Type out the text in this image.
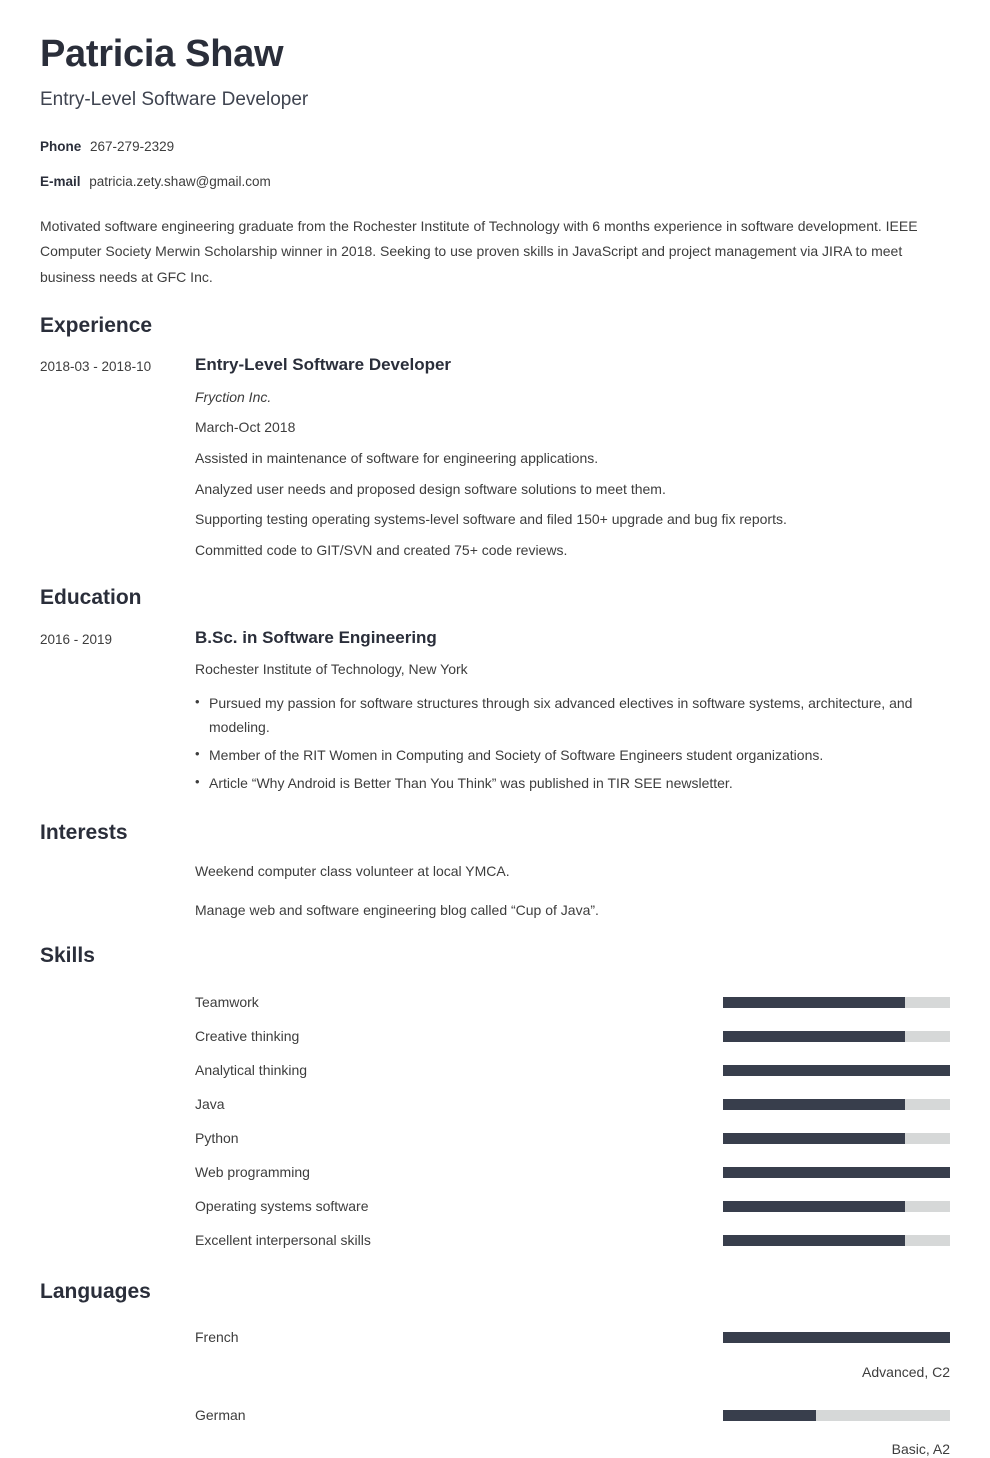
Patricia Shaw
Entry-Level Software Developer
Phone 267-279-2329
E-mail patricia.zety.shaw@gmail.com
Motivated software engineering graduate from the Rochester Institute of Technology with 6 months experience in software development. IEEE Computer Society Merwin Scholarship winner in 2018. Seeking to use proven skills in JavaScript and project management via JIRA to meet business needs at GFC Inc.
Experience
2018-03 - 2018-10	Entry-Level Software Developer
Fryction Inc.
March-Oct 2018
Assisted in maintenance of software for engineering applications.
Analyzed user needs and proposed design software solutions to meet them.
Supporting testing operating systems-level software and filed 150+ upgrade and bug fix reports.
Committed code to GIT/SVN and created 75+ code reviews.
Education
2016 - 2019	B.Sc. in Software Engineering
Rochester Institute of Technology, New York
• Pursued my passion for software structures through six advanced electives in software systems, architecture, and modeling.
• Member of the RIT Women in Computing and Society of Software Engineers student organizations.
• Article “Why Android is Better Than You Think” was published in TIR SEE newsletter.
Interests
Weekend computer class volunteer at local YMCA.
Manage web and software engineering blog called “Cup of Java”.
Skills
Teamwork
Creative thinking
Analytical thinking
Java
Python
Web programming
Operating systems software
Excellent interpersonal skills
Languages
French
Advanced, C2
German
Basic, A2
